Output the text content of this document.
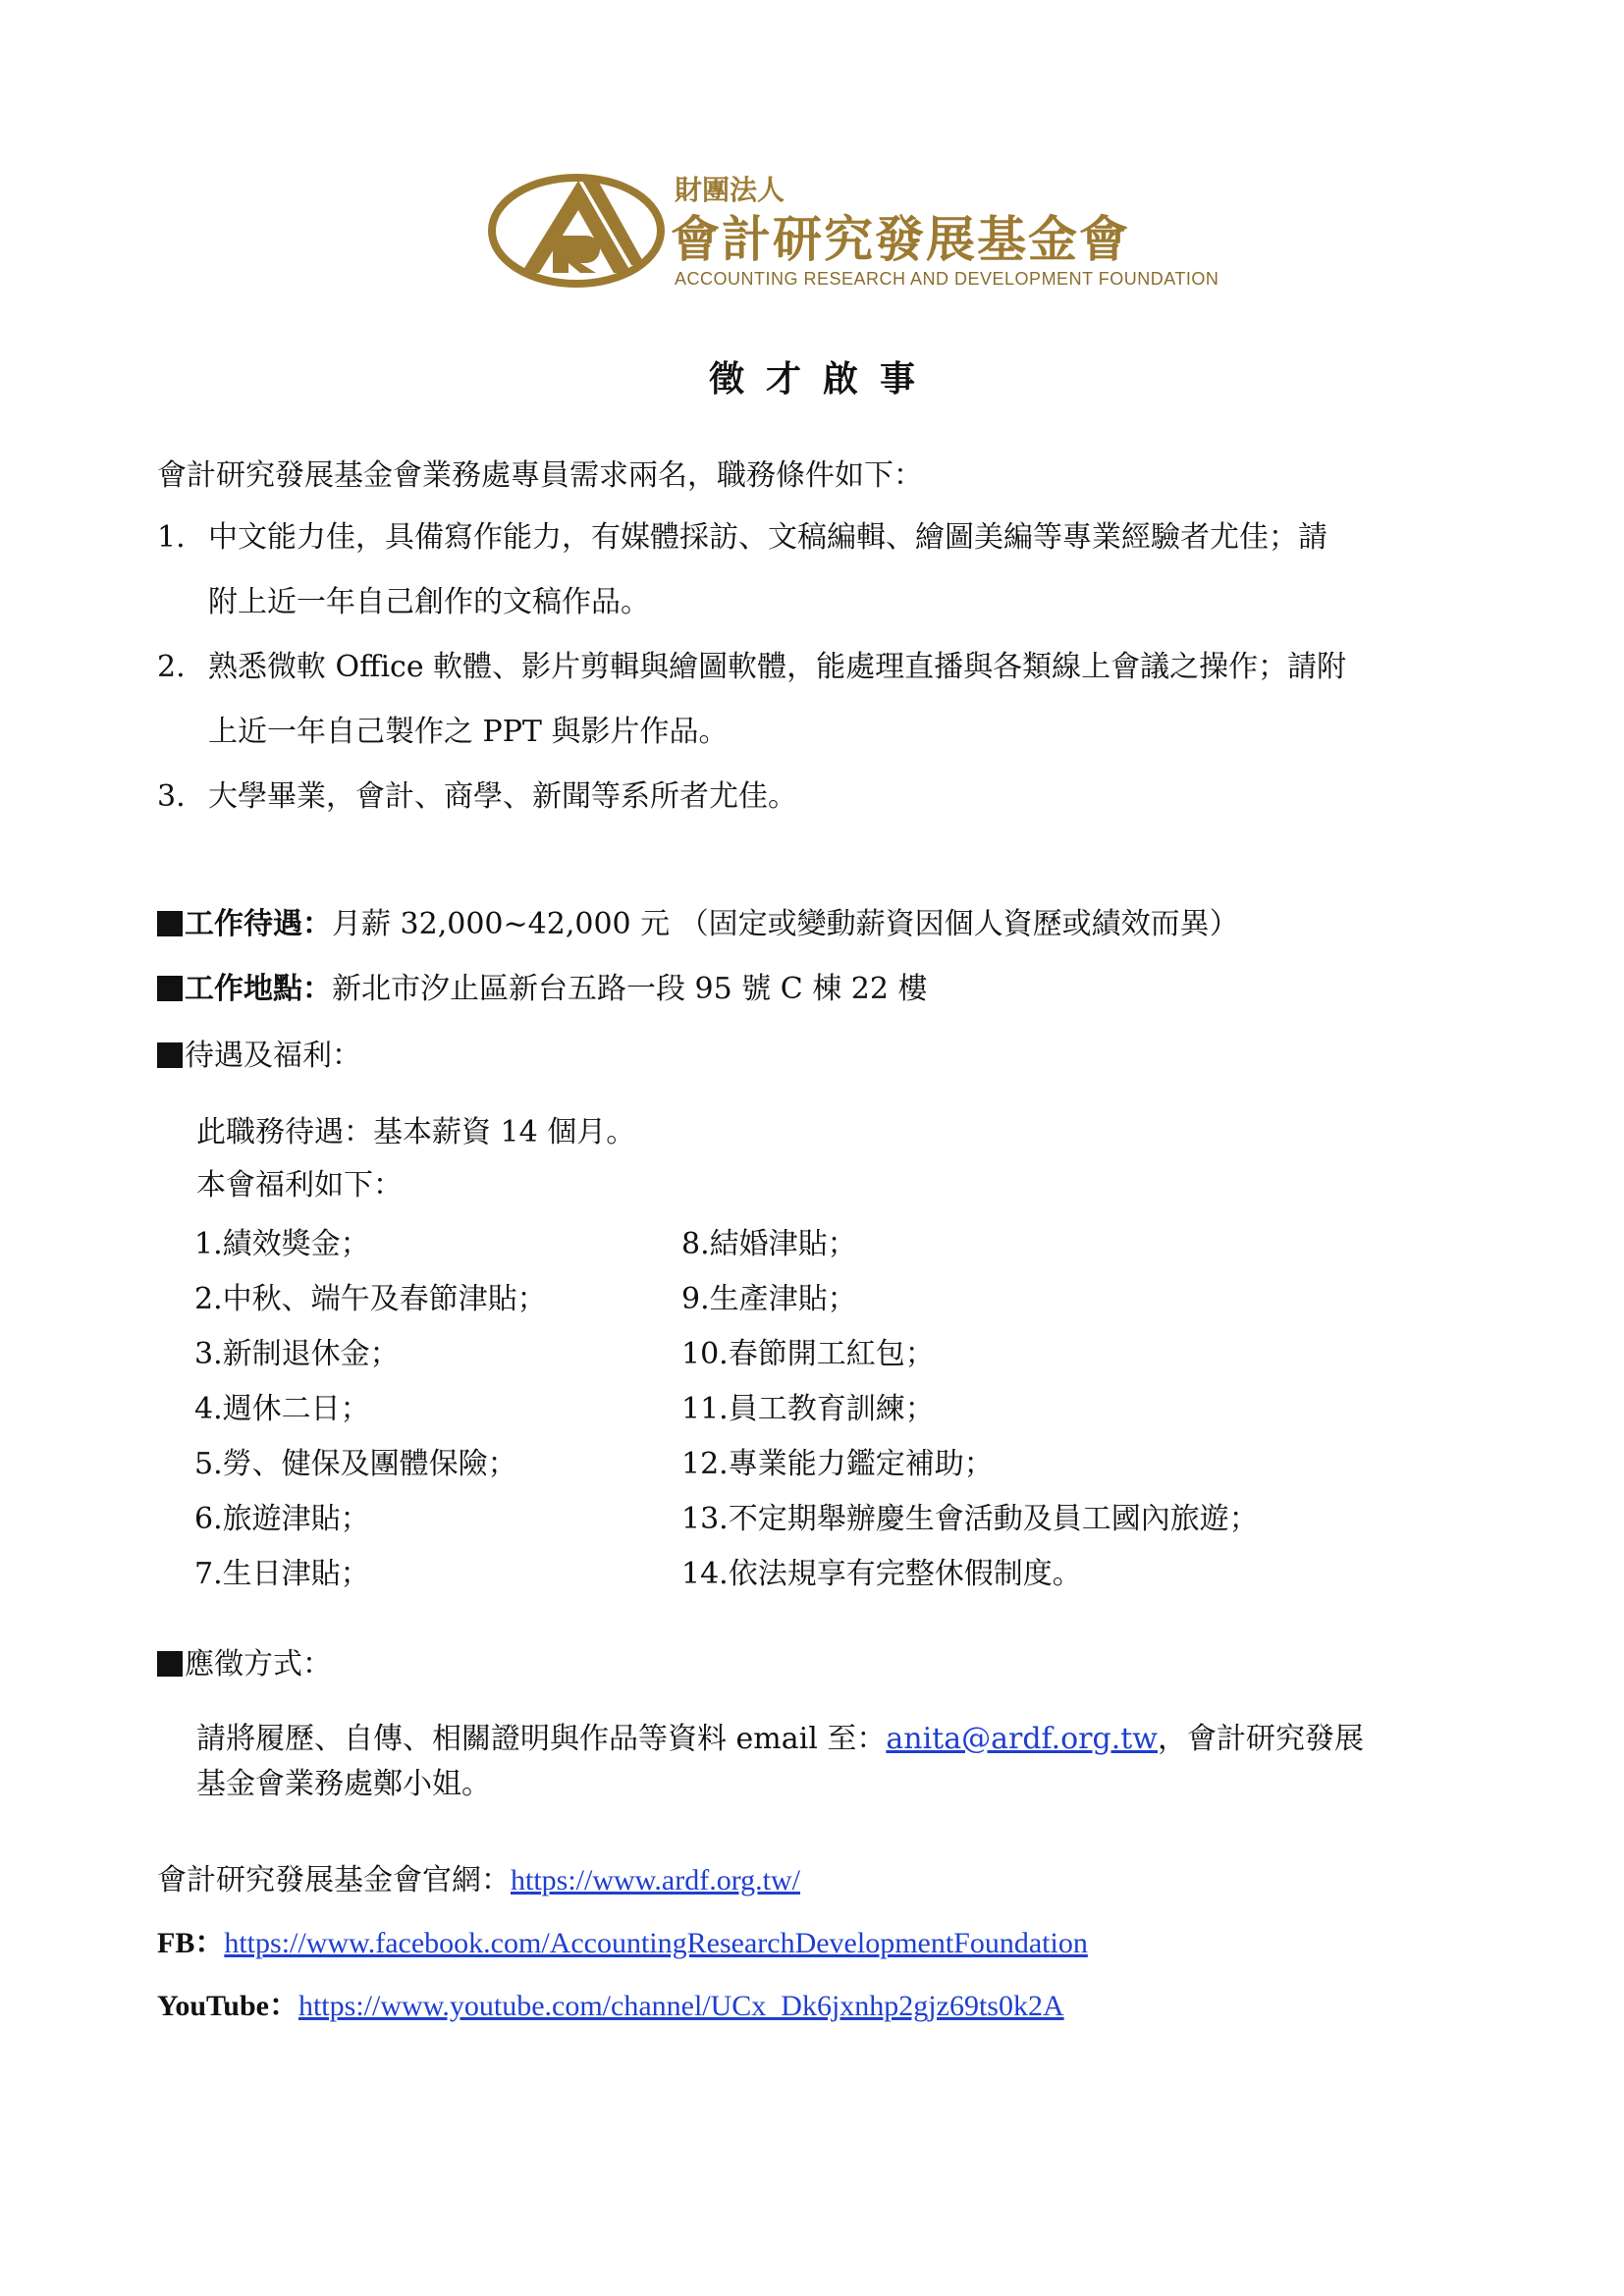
財團法人
會計研究發展基金會
ACCOUNTING RESEARCH AND DEVELOPMENT FOUNDATION
徵才啟事
會計研究發展基金會業務處專員需求兩名，職務條件如下：
1. 中文能力佳，具備寫作能力，有媒體採訪、文稿編輯、繪圖美編等專業經驗者尤佳；請
附上近一年自己創作的文稿作品。
2. 熟悉微軟 Office 軟體、影片剪輯與繪圖軟體，能處理直播與各類線上會議之操作；請附
上近一年自己製作之 PPT 與影片作品。
3. 大學畢業，會計、商學、新聞等系所者尤佳。
工作待遇：月薪 32,000~42,000 元 （固定或變動薪資因個人資歷或績效而異）
工作地點：新北市汐止區新台五路一段 95 號 C 棟 22 樓
待遇及福利：
此職務待遇：基本薪資 14 個月。
本會福利如下：
1.績效獎金；
2.中秋、端午及春節津貼；
3.新制退休金；
4.週休二日；
5.勞、健保及團體保險；
6.旅遊津貼；
7.生日津貼；
8.結婚津貼；
9.生產津貼；
10.春節開工紅包；
11.員工教育訓練；
12.專業能力鑑定補助；
13.不定期舉辦慶生會活動及員工國內旅遊；
14.依法規享有完整休假制度。
應徵方式：
請將履歷、自傳、相關證明與作品等資料 email 至：anita@ardf.org.tw，會計研究發展
基金會業務處鄭小姐。
會計研究發展基金會官網：https://www.ardf.org.tw/
FB：https://www.facebook.com/AccountingResearchDevelopmentFoundation
YouTube：https://www.youtube.com/channel/UCx_Dk6jxnhp2gjz69ts0k2A
